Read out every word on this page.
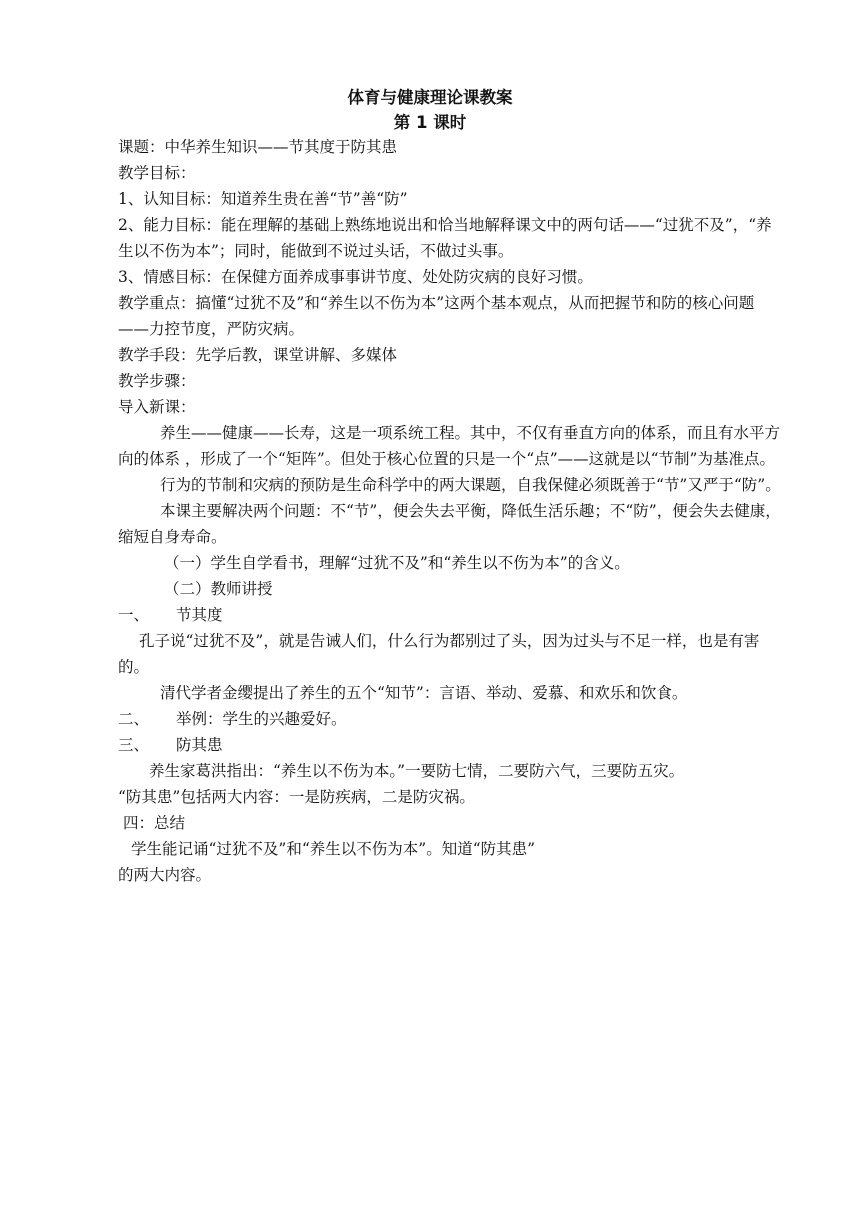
体育与健康理论课教案

第 1 课时

课题：中华养生知识——节其度于防其患

教学目标：

1、认知目标：知道养生贵在善“节”善“防”

2、能力目标：能在理解的基础上熟练地说出和恰当地解释课文中的两句话——“过犹不及”，“养生以不伤为本”；同时，能做到不说过头话，不做过头事。

3、情感目标：在保健方面养成事事讲节度、处处防灾病的良好习惯。

教学重点：搞懂“过犹不及”和“养生以不伤为本”这两个基本观点，从而把握节和防的核心问题——力控节度，严防灾病。

教学手段：先学后教，课堂讲解、多媒体

教学步骤：

导入新课：

养生——健康——长寿，这是一项系统工程。其中，不仅有垂直方向的体系，而且有水平方向的体系 ，形成了一个“矩阵”。但处于核心位置的只是一个“点”——这就是以“节制”为基准点。

行为的节制和灾病的预防是生命科学中的两大课题，自我保健必须既善于“节”又严于“防”。

本课主要解决两个问题：不“节”，便会失去平衡，降低生活乐趣；不“防”，便会失去健康，缩短自身寿命。

（一）学生自学看书，理解“过犹不及”和“养生以不伤为本”的含义。

（二）教师讲授

一、 节其度

孔子说“过犹不及”，就是告诫人们，什么行为都别过了头，因为过头与不足一样，也是有害的。

清代学者金缨提出了养生的五个“知节”：言语、举动、爱慕、和欢乐和饮食。

二、 举例：学生的兴趣爱好。

三、 防其患

养生家葛洪指出：“养生以不伤为本。”一要防七情，二要防六气，三要防五灾。

“防其患”包括两大内容：一是防疾病，二是防灾祸。

四：总结

学生能记诵“过犹不及”和“养生以不伤为本”。知道“防其患”

的两大内容。
